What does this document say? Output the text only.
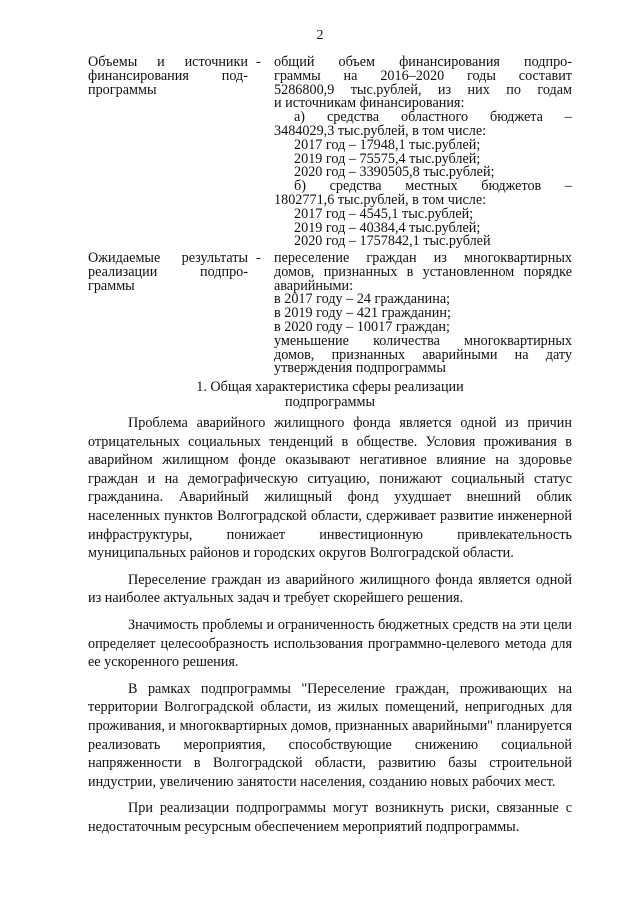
2
Объемы и источники
финансирования под-
программы
- общий объем финансирования подпро-
граммы на 2016–2020 годы составит
5286800,9 тыс.рублей, из них по годам
и источникам финансирования:
а) средства областного бюджета –
3484029,3 тыс.рублей, в том числе:
2017 год – 17948,1 тыс.рублей;
2019 год – 75575,4 тыс.рублей;
2020 год – 3390505,8 тыс.рублей;
б) средства местных бюджетов –
1802771,6 тыс.рублей, в том числе:
2017 год – 4545,1 тыс.рублей;
2019 год – 40384,4 тыс.рублей;
2020 год – 1757842,1 тыс.рублей
Ожидаемые результаты
реализации подпро-
граммы
- переселение граждан из многоквартирных
домов, признанных в установленном порядке
аварийными:
в 2017 году – 24 гражданина;
в 2019 году – 421 гражданин;
в 2020 году – 10017 граждан;
уменьшение количества многоквартирных
домов, признанных аварийными на дату
утверждения подпрограммы
1. Общая характеристика сферы реализации
подпрограммы

Проблема аварийного жилищного фонда является одной из причин отрицательных социальных тенденций в обществе. Условия проживания в аварийном жилищном фонде оказывают негативное влияние на здоровье граждан и на демографическую ситуацию, понижают социальный статус гражданина. Аварийный жилищный фонд ухудшает внешний облик населенных пунктов Волгоградской области, сдерживает развитие инженерной инфраструктуры, понижает инвестиционную привлекательность муниципальных районов и городских округов Волгоградской области.

Переселение граждан из аварийного жилищного фонда является одной из наиболее актуальных задач и требует скорейшего решения.

Значимость проблемы и ограниченность бюджетных средств на эти цели определяет целесообразность использования программно-целевого метода для ее ускоренного решения.

В рамках подпрограммы "Переселение граждан, проживающих на территории Волгоградской области, из жилых помещений, непригодных для проживания, и многоквартирных домов, признанных аварийными" планируется реализовать мероприятия, способствующие снижению социальной напряженности в Волгоградской области, развитию базы строительной индустрии, увеличению занятости населения, созданию новых рабочих мест.

При реализации подпрограммы могут возникнуть риски, связанные с недостаточным ресурсным обеспечением мероприятий подпрограммы.
